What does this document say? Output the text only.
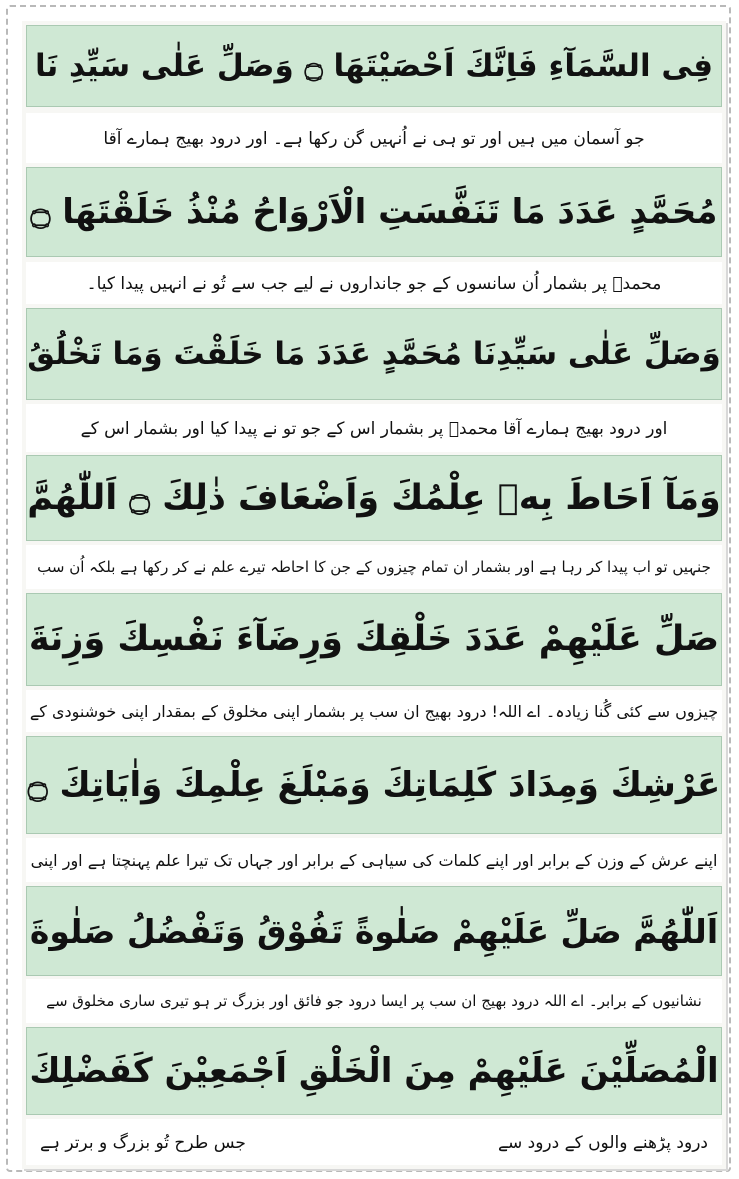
فِى السَّمَآءِ فَاِنَّكَ اَحْصَيْتَهَا ۝ وَصَلِّ عَلٰى سَيِّدِ نَا
جو آسمان میں ہیں اور تو ہی نے اُنہیں گن رکھا ہے۔ اور درود بھیج ہمارے آقا
مُحَمَّدٍ عَدَدَ مَا تَنَفَّسَتِ الْاَرْوَاحُ مُنْذُ خَلَقْتَهَا ۝
محمدؐ پر بشمار اُن سانسوں کے جو جانداروں نے لیے جب سے تُو نے انہیں پیدا کیا۔
وَصَلِّ عَلٰى سَيِّدِنَا مُحَمَّدٍ عَدَدَ مَا خَلَقْتَ وَمَا تَخْلُقُ
اور درود بھیج ہمارے آقا محمدؐ پر بشمار اس کے جو تو نے پیدا کیا اور بشمار اس کے
وَمَآ اَحَاطَ بِهٖ عِلْمُكَ وَاَضْعَافَ ذٰلِكَ ۝ اَللّٰهُمَّ
جنہیں تو اب پیدا کر رہا ہے اور بشمار ان تمام چیزوں کے جن کا احاطہ تیرے علم نے کر رکھا ہے بلکہ اُن سب
صَلِّ عَلَيْهِمْ عَدَدَ خَلْقِكَ وَرِضَآءَ نَفْسِكَ وَزِنَةَ
چیزوں سے کئی گُنا زیادہ۔ اے اللہ! درود بھیج ان سب پر بشمار اپنی مخلوق کے بمقدار اپنی خوشنودی کے
عَرْشِكَ وَمِدَادَ كَلِمَاتِكَ وَمَبْلَغَ عِلْمِكَ وَاٰيَاتِكَ ۝
اپنے عرش کے وزن کے برابر اور اپنے کلمات کی سیاہی کے برابر اور جہاں تک تیرا علم پہنچتا ہے اور اپنی
اَللّٰهُمَّ صَلِّ عَلَيْهِمْ صَلٰوةً تَفُوْقُ وَتَفْضُلُ صَلٰوةَ
نشانیوں کے برابر۔ اے اللہ درود بھیج ان سب پر ایسا درود جو فائق اور بزرگ تر ہو تیری ساری مخلوق سے
الْمُصَلِّيْنَ عَلَيْهِمْ مِنَ الْخَلْقِ اَجْمَعِيْنَ كَفَضْلِكَ
درود پڑھنے والوں کے درود سے
جس طرح تُو بزرگ و برتر ہے
